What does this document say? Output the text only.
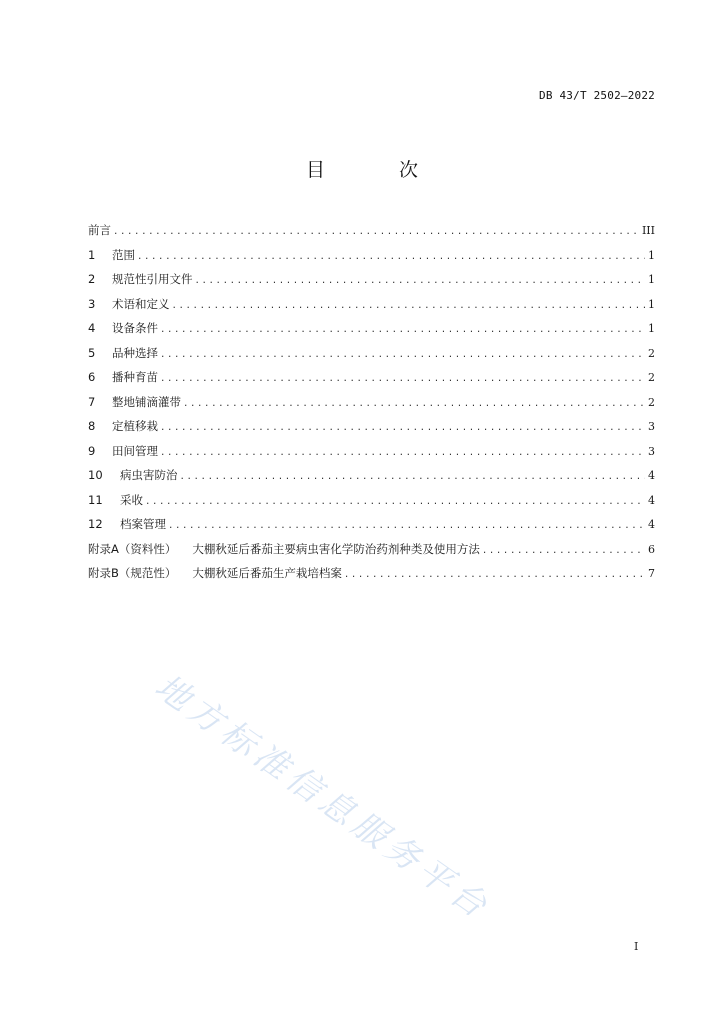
DB 43/T 2502—2022
目 次
前言 .....	III
1	范围 .....	1
2	规范性引用文件 .....	1
3	术语和定义 .....	1
4	设备条件 .....	1
5	品种选择 .....	2
6	播种育苗 .....	2
7	整地铺滴灌带 .....	2
8	定植移栽 .....	3
9	田间管理 .....	3
10	病虫害防治 .....	4
11	采收 .....	4
12	档案管理 .....	4
附录A（资料性）	大棚秋延后番茄主要病虫害化学防治药剂种类及使用方法 .....	6
附录B（规范性）	大棚秋延后番茄生产栽培档案 .....	7
地方标准信息服务平台
I
